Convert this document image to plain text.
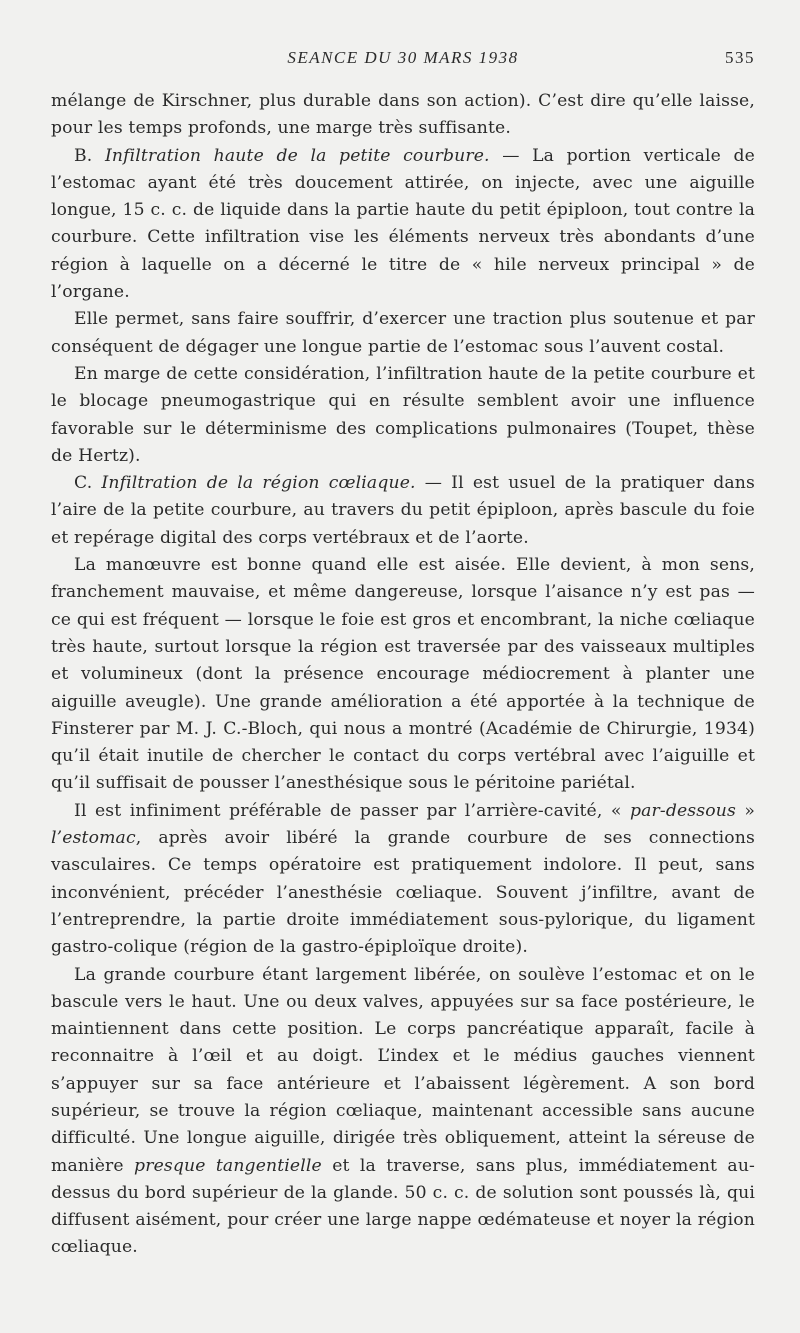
SEANCE DU 30 MARS 1938	535

mélange de Kirschner, plus durable dans son action). C’est dire qu’elle laisse, pour les temps profonds, une marge très suffisante.

B. Infiltration haute de la petite courbure. — La portion verticale de l’estomac ayant été très doucement attirée, on injecte, avec une aiguille longue, 15 c. c. de liquide dans la partie haute du petit épiploon, tout contre la courbure. Cette infiltration vise les éléments nerveux très abondants d’une région à laquelle on a décerné le titre de « hile nerveux principal » de l’organe.

Elle permet, sans faire souffrir, d’exercer une traction plus soutenue et par conséquent de dégager une longue partie de l’estomac sous l’auvent costal.

En marge de cette considération, l’infiltration haute de la petite courbure et le blocage pneumogastrique qui en résulte semblent avoir une influence favorable sur le déterminisme des complications pulmonaires (Toupet, thèse de Hertz).

C. Infiltration de la région cœliaque. — Il est usuel de la pratiquer dans l’aire de la petite courbure, au travers du petit épiploon, après bascule du foie et repérage digital des corps vertébraux et de l’aorte.

La manœuvre est bonne quand elle est aisée. Elle devient, à mon sens, franchement mauvaise, et même dangereuse, lorsque l’aisance n’y est pas — ce qui est fréquent — lorsque le foie est gros et encombrant, la niche cœliaque très haute, surtout lorsque la région est traversée par des vaisseaux multiples et volumineux (dont la présence encourage médiocrement à planter une aiguille aveugle). Une grande amélioration a été apportée à la technique de Finsterer par M. J. C.-Bloch, qui nous a montré (Académie de Chirurgie, 1934) qu’il était inutile de chercher le contact du corps vertébral avec l’aiguille et qu’il suffisait de pousser l’anesthésique sous le péritoine pariétal.

Il est infiniment préférable de passer par l’arrière-cavité, « par-dessous » l’estomac, après avoir libéré la grande courbure de ses connections vasculaires. Ce temps opératoire est pratiquement indolore. Il peut, sans inconvénient, précéder l’anesthésie cœliaque. Souvent j’infiltre, avant de l’entreprendre, la partie droite immédiatement sous-pylorique, du ligament gastro-colique (région de la gastro-épiploïque droite).

La grande courbure étant largement libérée, on soulève l’estomac et on le bascule vers le haut. Une ou deux valves, appuyées sur sa face postérieure, le maintiennent dans cette position. Le corps pancréatique apparaît, facile à reconnaitre à l’œil et au doigt. L’index et le médius gauches viennent s’appuyer sur sa face antérieure et l’abaissent légèrement. A son bord supérieur, se trouve la région cœliaque, maintenant accessible sans aucune difficulté. Une longue aiguille, dirigée très obliquement, atteint la séreuse de manière presque tangentielle et la traverse, sans plus, immédiatement au-dessus du bord supérieur de la glande. 50 c. c. de solution sont poussés là, qui diffusent aisément, pour créer une large nappe œdémateuse et noyer la région cœliaque.
